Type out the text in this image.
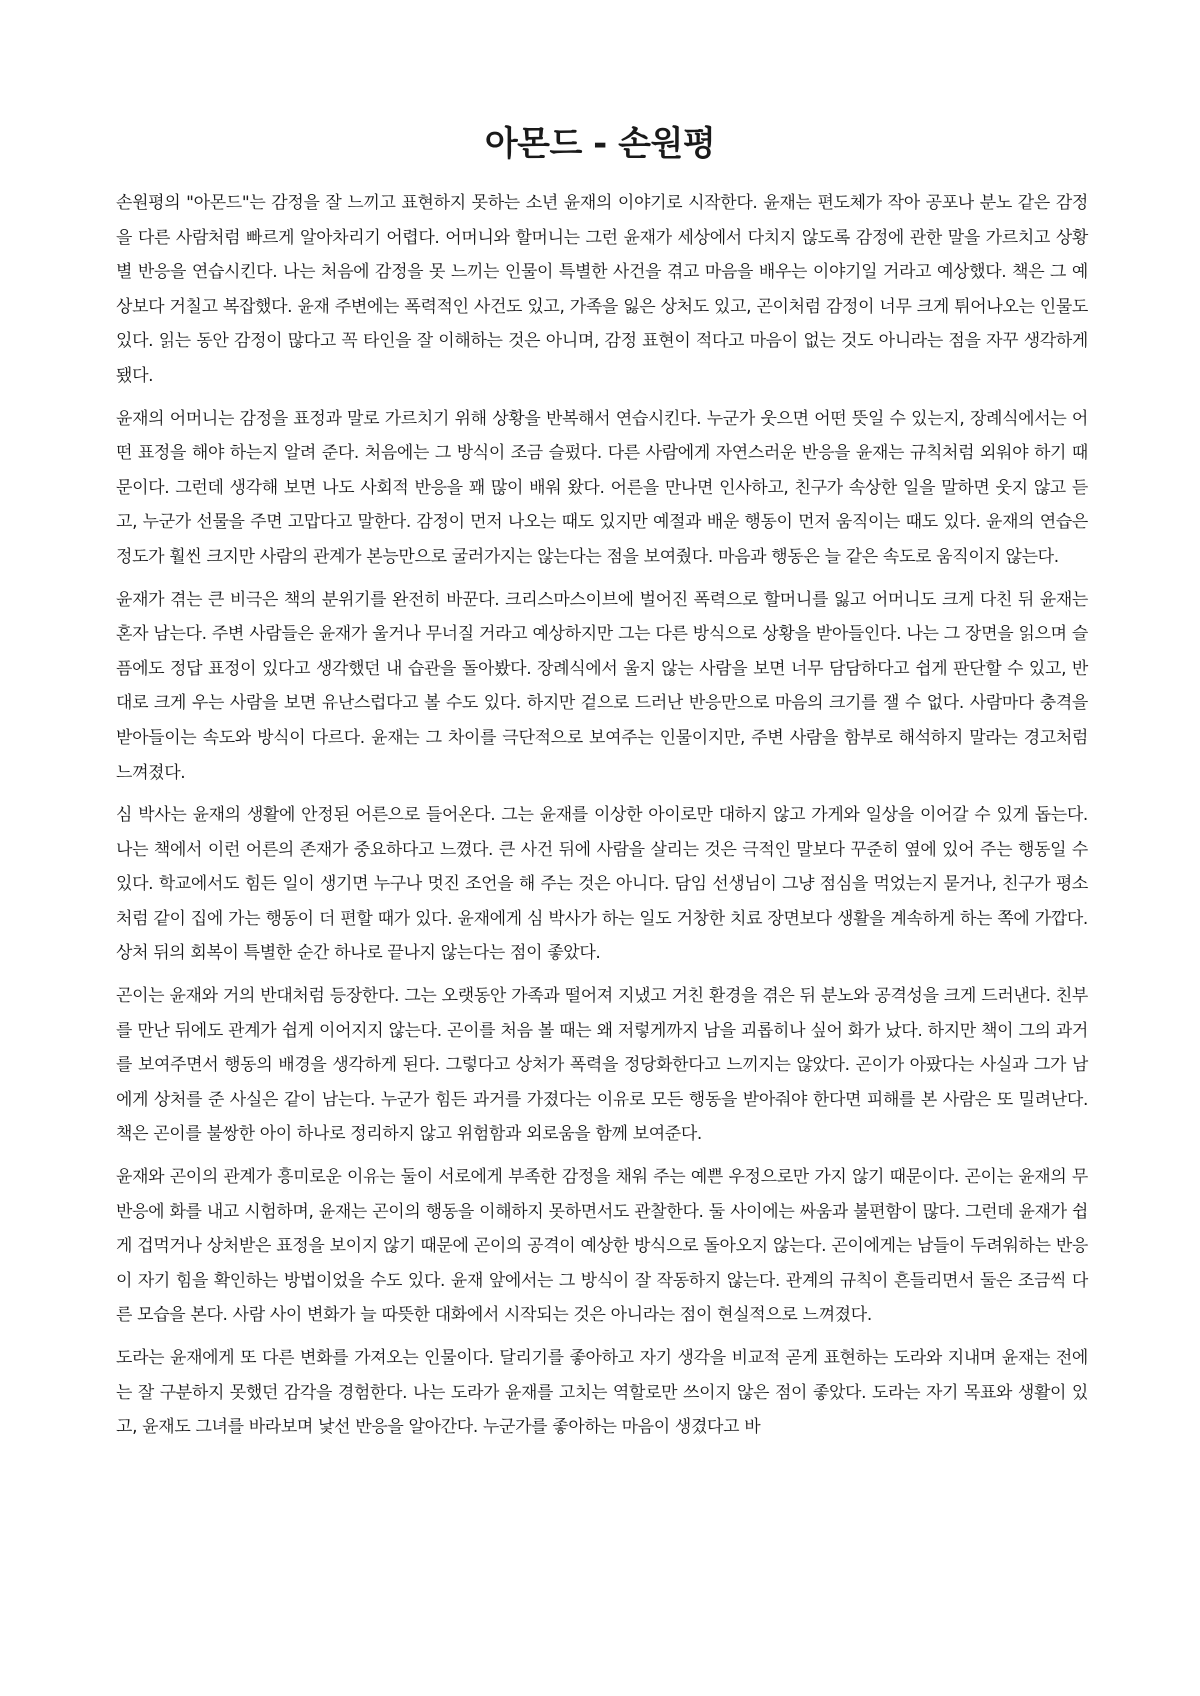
아몬드 - 손원평

손원평의 "아몬드"는 감정을 잘 느끼고 표현하지 못하는 소년 윤재의 이야기로 시작한다. 윤재는 편도체가 작아 공포나 분노 같은 감정을 다른 사람처럼 빠르게 알아차리기 어렵다. 어머니와 할머니는 그런 윤재가 세상에서 다치지 않도록 감정에 관한 말을 가르치고 상황별 반응을 연습시킨다. 나는 처음에 감정을 못 느끼는 인물이 특별한 사건을 겪고 마음을 배우는 이야기일 거라고 예상했다. 책은 그 예상보다 거칠고 복잡했다. 윤재 주변에는 폭력적인 사건도 있고, 가족을 잃은 상처도 있고, 곤이처럼 감정이 너무 크게 튀어나오는 인물도 있다. 읽는 동안 감정이 많다고 꼭 타인을 잘 이해하는 것은 아니며, 감정 표현이 적다고 마음이 없는 것도 아니라는 점을 자꾸 생각하게 됐다.

윤재의 어머니는 감정을 표정과 말로 가르치기 위해 상황을 반복해서 연습시킨다. 누군가 웃으면 어떤 뜻일 수 있는지, 장례식에서는 어떤 표정을 해야 하는지 알려 준다. 처음에는 그 방식이 조금 슬펐다. 다른 사람에게 자연스러운 반응을 윤재는 규칙처럼 외워야 하기 때문이다. 그런데 생각해 보면 나도 사회적 반응을 꽤 많이 배워 왔다. 어른을 만나면 인사하고, 친구가 속상한 일을 말하면 웃지 않고 듣고, 누군가 선물을 주면 고맙다고 말한다. 감정이 먼저 나오는 때도 있지만 예절과 배운 행동이 먼저 움직이는 때도 있다. 윤재의 연습은 정도가 훨씬 크지만 사람의 관계가 본능만으로 굴러가지는 않는다는 점을 보여줬다. 마음과 행동은 늘 같은 속도로 움직이지 않는다.

윤재가 겪는 큰 비극은 책의 분위기를 완전히 바꾼다. 크리스마스이브에 벌어진 폭력으로 할머니를 잃고 어머니도 크게 다친 뒤 윤재는 혼자 남는다. 주변 사람들은 윤재가 울거나 무너질 거라고 예상하지만 그는 다른 방식으로 상황을 받아들인다. 나는 그 장면을 읽으며 슬픔에도 정답 표정이 있다고 생각했던 내 습관을 돌아봤다. 장례식에서 울지 않는 사람을 보면 너무 담담하다고 쉽게 판단할 수 있고, 반대로 크게 우는 사람을 보면 유난스럽다고 볼 수도 있다. 하지만 겉으로 드러난 반응만으로 마음의 크기를 잴 수 없다. 사람마다 충격을 받아들이는 속도와 방식이 다르다. 윤재는 그 차이를 극단적으로 보여주는 인물이지만, 주변 사람을 함부로 해석하지 말라는 경고처럼 느껴졌다.

심 박사는 윤재의 생활에 안정된 어른으로 들어온다. 그는 윤재를 이상한 아이로만 대하지 않고 가게와 일상을 이어갈 수 있게 돕는다. 나는 책에서 이런 어른의 존재가 중요하다고 느꼈다. 큰 사건 뒤에 사람을 살리는 것은 극적인 말보다 꾸준히 옆에 있어 주는 행동일 수 있다. 학교에서도 힘든 일이 생기면 누구나 멋진 조언을 해 주는 것은 아니다. 담임 선생님이 그냥 점심을 먹었는지 묻거나, 친구가 평소처럼 같이 집에 가는 행동이 더 편할 때가 있다. 윤재에게 심 박사가 하는 일도 거창한 치료 장면보다 생활을 계속하게 하는 쪽에 가깝다. 상처 뒤의 회복이 특별한 순간 하나로 끝나지 않는다는 점이 좋았다.

곤이는 윤재와 거의 반대처럼 등장한다. 그는 오랫동안 가족과 떨어져 지냈고 거친 환경을 겪은 뒤 분노와 공격성을 크게 드러낸다. 친부를 만난 뒤에도 관계가 쉽게 이어지지 않는다. 곤이를 처음 볼 때는 왜 저렇게까지 남을 괴롭히나 싶어 화가 났다. 하지만 책이 그의 과거를 보여주면서 행동의 배경을 생각하게 된다. 그렇다고 상처가 폭력을 정당화한다고 느끼지는 않았다. 곤이가 아팠다는 사실과 그가 남에게 상처를 준 사실은 같이 남는다. 누군가 힘든 과거를 가졌다는 이유로 모든 행동을 받아줘야 한다면 피해를 본 사람은 또 밀려난다. 책은 곤이를 불쌍한 아이 하나로 정리하지 않고 위험함과 외로움을 함께 보여준다.

윤재와 곤이의 관계가 흥미로운 이유는 둘이 서로에게 부족한 감정을 채워 주는 예쁜 우정으로만 가지 않기 때문이다. 곤이는 윤재의 무반응에 화를 내고 시험하며, 윤재는 곤이의 행동을 이해하지 못하면서도 관찰한다. 둘 사이에는 싸움과 불편함이 많다. 그런데 윤재가 쉽게 겁먹거나 상처받은 표정을 보이지 않기 때문에 곤이의 공격이 예상한 방식으로 돌아오지 않는다. 곤이에게는 남들이 두려워하는 반응이 자기 힘을 확인하는 방법이었을 수도 있다. 윤재 앞에서는 그 방식이 잘 작동하지 않는다. 관계의 규칙이 흔들리면서 둘은 조금씩 다른 모습을 본다. 사람 사이 변화가 늘 따뜻한 대화에서 시작되는 것은 아니라는 점이 현실적으로 느껴졌다.

도라는 윤재에게 또 다른 변화를 가져오는 인물이다. 달리기를 좋아하고 자기 생각을 비교적 곧게 표현하는 도라와 지내며 윤재는 전에는 잘 구분하지 못했던 감각을 경험한다. 나는 도라가 윤재를 고치는 역할로만 쓰이지 않은 점이 좋았다. 도라는 자기 목표와 생활이 있고, 윤재도 그녀를 바라보며 낯선 반응을 알아간다. 누군가를 좋아하는 마음이 생겼다고 바
